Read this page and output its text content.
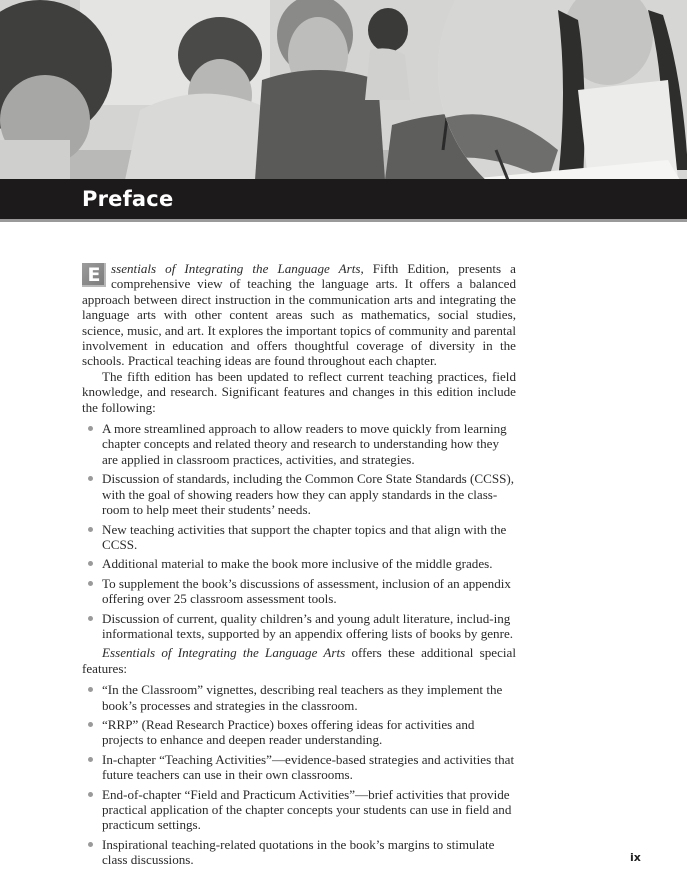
Preface

E ssentials of Integrating the Language Arts, Fifth Edition, presents a comprehensive view of teaching the language arts. It offers a balanced approach between direct instruction in the communication arts and integrating the language arts with other content areas such as mathematics, social studies, science, music, and art. It explores the important topics of community and parental involvement in education and offers thoughtful coverage of diversity in the schools. Practical teaching ideas are found throughout each chapter.

The fifth edition has been updated to reflect current teaching practices, field knowledge, and research. Significant features and changes in this edition include the following:

A more streamlined approach to allow readers to move quickly from learning chapter concepts and related theory and research to understanding how they are applied in classroom practices, activities, and strategies.
Discussion of standards, including the Common Core State Standards (CCSS), with the goal of showing readers how they can apply standards in the class-room to help meet their students’ needs.
New teaching activities that support the chapter topics and that align with the CCSS.
Additional material to make the book more inclusive of the middle grades.
To supplement the book’s discussions of assessment, inclusion of an appendix offering over 25 classroom assessment tools.
Discussion of current, quality children’s and young adult literature, includ-ing informational texts, supported by an appendix offering lists of books by genre.

Essentials of Integrating the Language Arts offers these additional special features:

“In the Classroom” vignettes, describing real teachers as they implement the book’s processes and strategies in the classroom.
“RRP” (Read Research Practice) boxes offering ideas for activities and projects to enhance and deepen reader understanding.
In-chapter “Teaching Activities”—evidence-based strategies and activities that future teachers can use in their own classrooms.
End-of-chapter “Field and Practicum Activities”—brief activities that provide practical application of the chapter concepts your students can use in field and practicum settings.
Inspirational teaching-related quotations in the book’s margins to stimulate class discussions.	ix
